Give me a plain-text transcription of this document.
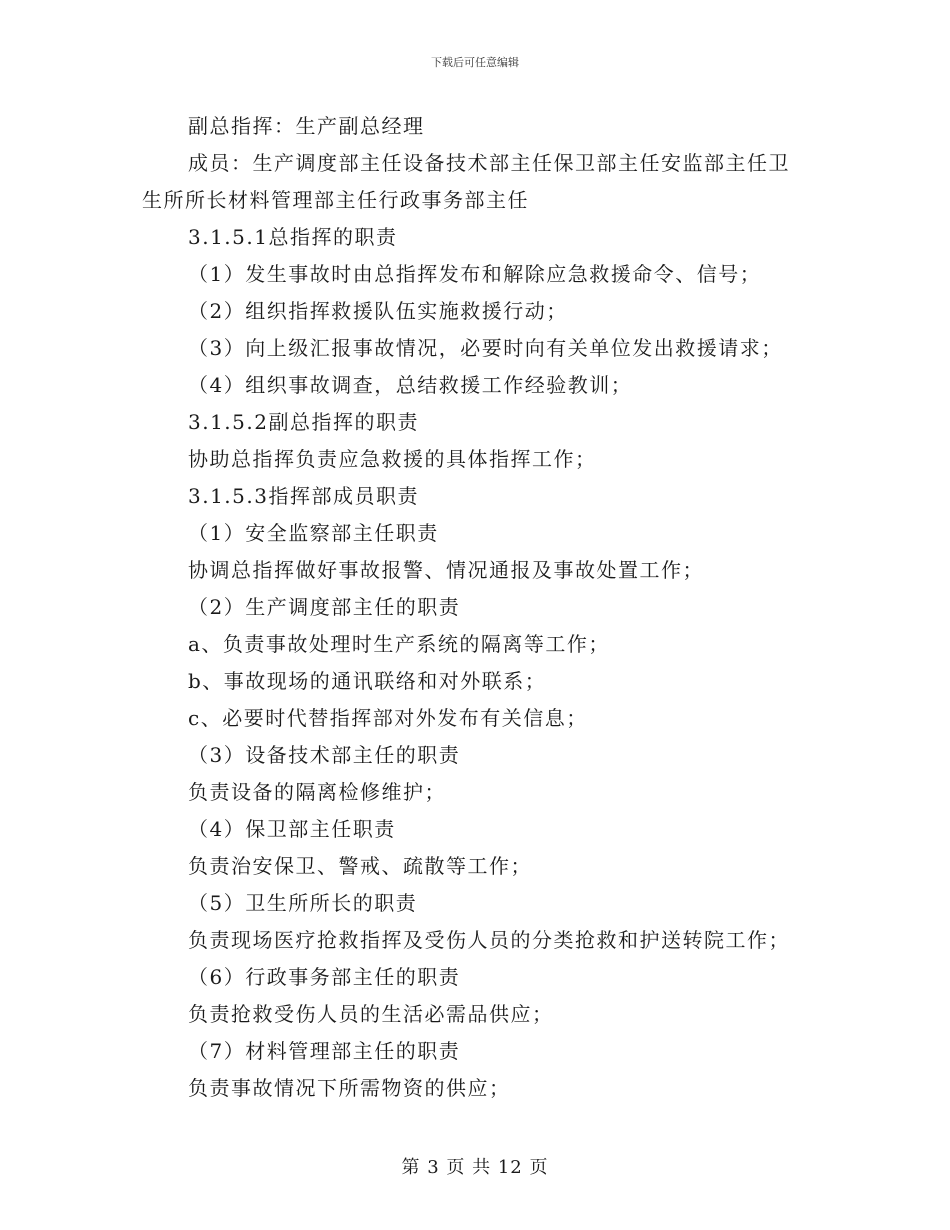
下载后可任意编辑
副总指挥：生产副总经理
成员：生产调度部主任设备技术部主任保卫部主任安监部主任卫
生所所长材料管理部主任行政事务部主任
3.1.5.1总指挥的职责
（1）发生事故时由总指挥发布和解除应急救援命令、信号；
（2）组织指挥救援队伍实施救援行动；
（3）向上级汇报事故情况，必要时向有关单位发出救援请求；
（4）组织事故调查，总结救援工作经验教训；
3.1.5.2副总指挥的职责
协助总指挥负责应急救援的具体指挥工作；
3.1.5.3指挥部成员职责
（1）安全监察部主任职责
协调总指挥做好事故报警、情况通报及事故处置工作；
（2）生产调度部主任的职责
a、负责事故处理时生产系统的隔离等工作；
b、事故现场的通讯联络和对外联系；
c、必要时代替指挥部对外发布有关信息；
（3）设备技术部主任的职责
负责设备的隔离检修维护；
（4）保卫部主任职责
负责治安保卫、警戒、疏散等工作；
（5）卫生所所长的职责
负责现场医疗抢救指挥及受伤人员的分类抢救和护送转院工作；
（6）行政事务部主任的职责
负责抢救受伤人员的生活必需品供应；
（7）材料管理部主任的职责
负责事故情况下所需物资的供应；
第 3 页 共 12 页
